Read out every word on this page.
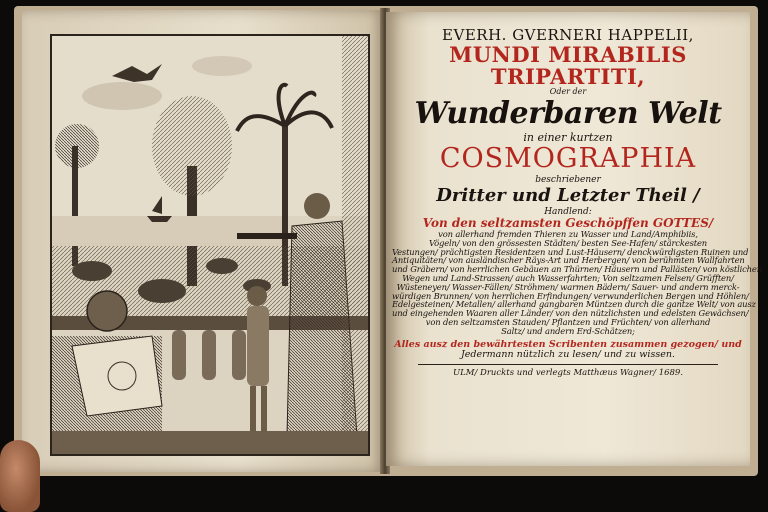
EVERH. GVERNERI HAPPELII,
MUNDI MIRABILIS
TRIPARTITI,
Oder der
Wunderbaren Welt
in einer kurtzen
COSMOGRAPHIA
beschriebener
Dritter und Letzter Theil /
Handlend:
Von den seltzamsten Geschöpffen GOTTES/
von allerhand fremden Thieren zu Wasser und Land/Amphibiis,
Vögeln/ von den grössesten Städten/ besten See-Hafen/ stärckesten
Vestungen/ prächtigsten Residentzen und Lust-Häusern/ denckwürdigsten Ruinen und
Antiquitäten/ von ausländischer Räys-Art und Herbergen/ von berühmten Wallfahrten
und Gräbern/ von herrlichen Gebäuen an Thürnen/ Häusern und Pallästen/ von köstlichen
Wegen und Land-Strassen/ auch Wasserfahrten; Von seltzamen Felsen/ Grüfften/
Wüsteneyen/ Wasser-Fällen/ Ströhmen/ warmen Bädern/ Sauer- und andern merck-
würdigen Brunnen/ von herrlichen Erfindungen/ verwunderlichen Bergen und Höhlen/
Edelgesteinen/ Metallen/ allerhand gangbaren Müntzen durch die gantze Welt/ von ausz
und eingehenden Waaren aller Länder/ von den nützlichsten und edelsten Gewächsen/
von den seltzamsten Stauden/ Pflantzen und Früchten/ von allerhand
Saltz/ und andern Erd-Schätzen;
Alles ausz den bewährtesten Scribenten zusammen gezogen/ und
Jedermann nützlich zu lesen/ und zu wissen.
ULM/ Druckts und verlegts Matthæus Wagner/ 1689.
